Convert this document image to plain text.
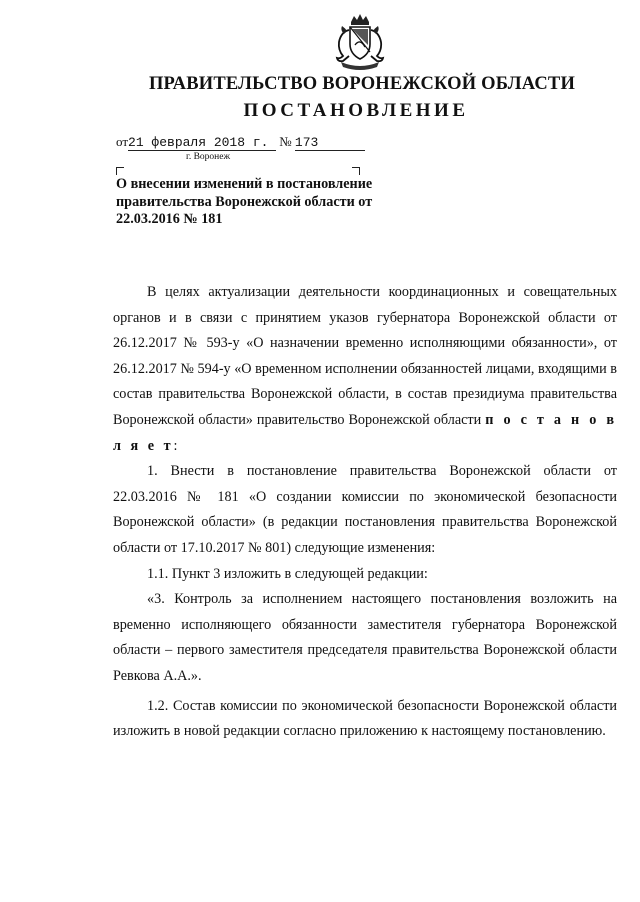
ПРАВИТЕЛЬСТВО ВОРОНЕЖСКОЙ ОБЛАСТИ
ПОСТАНОВЛЕНИЕ
от21 февраля 2018 г. № 173
г. Воронеж

О внесении изменений в постановление правительства Воронежской области от 22.03.2016 № 181

В целях актуализации деятельности координационных и совещательных органов и в связи с принятием указов губернатора Воронежской области от 26.12.2017 № 593-у «О назначении временно исполняющими обязанности», от 26.12.2017 № 594-у «О временном исполнении обязанностей лицами, входящими в состав правительства Воронежской области, в состав президиума правительства Воронежской области» правительство Воронежской области п о с т а н о в л я е т:

1. Внести в постановление правительства Воронежской области от 22.03.2016 № 181 «О создании комиссии по экономической безопасности Воронежской области» (в редакции постановления правительства Воронежской области от 17.10.2017 № 801) следующие изменения:

1.1. Пункт 3 изложить в следующей редакции:

«3. Контроль за исполнением настоящего постановления возложить на временно исполняющего обязанности заместителя губернатора Воронежской области – первого заместителя председателя правительства Воронежской области Ревкова А.А.».

1.2. Состав комиссии по экономической безопасности Воронежской области изложить в новой редакции согласно приложению к настоящему постановлению.
